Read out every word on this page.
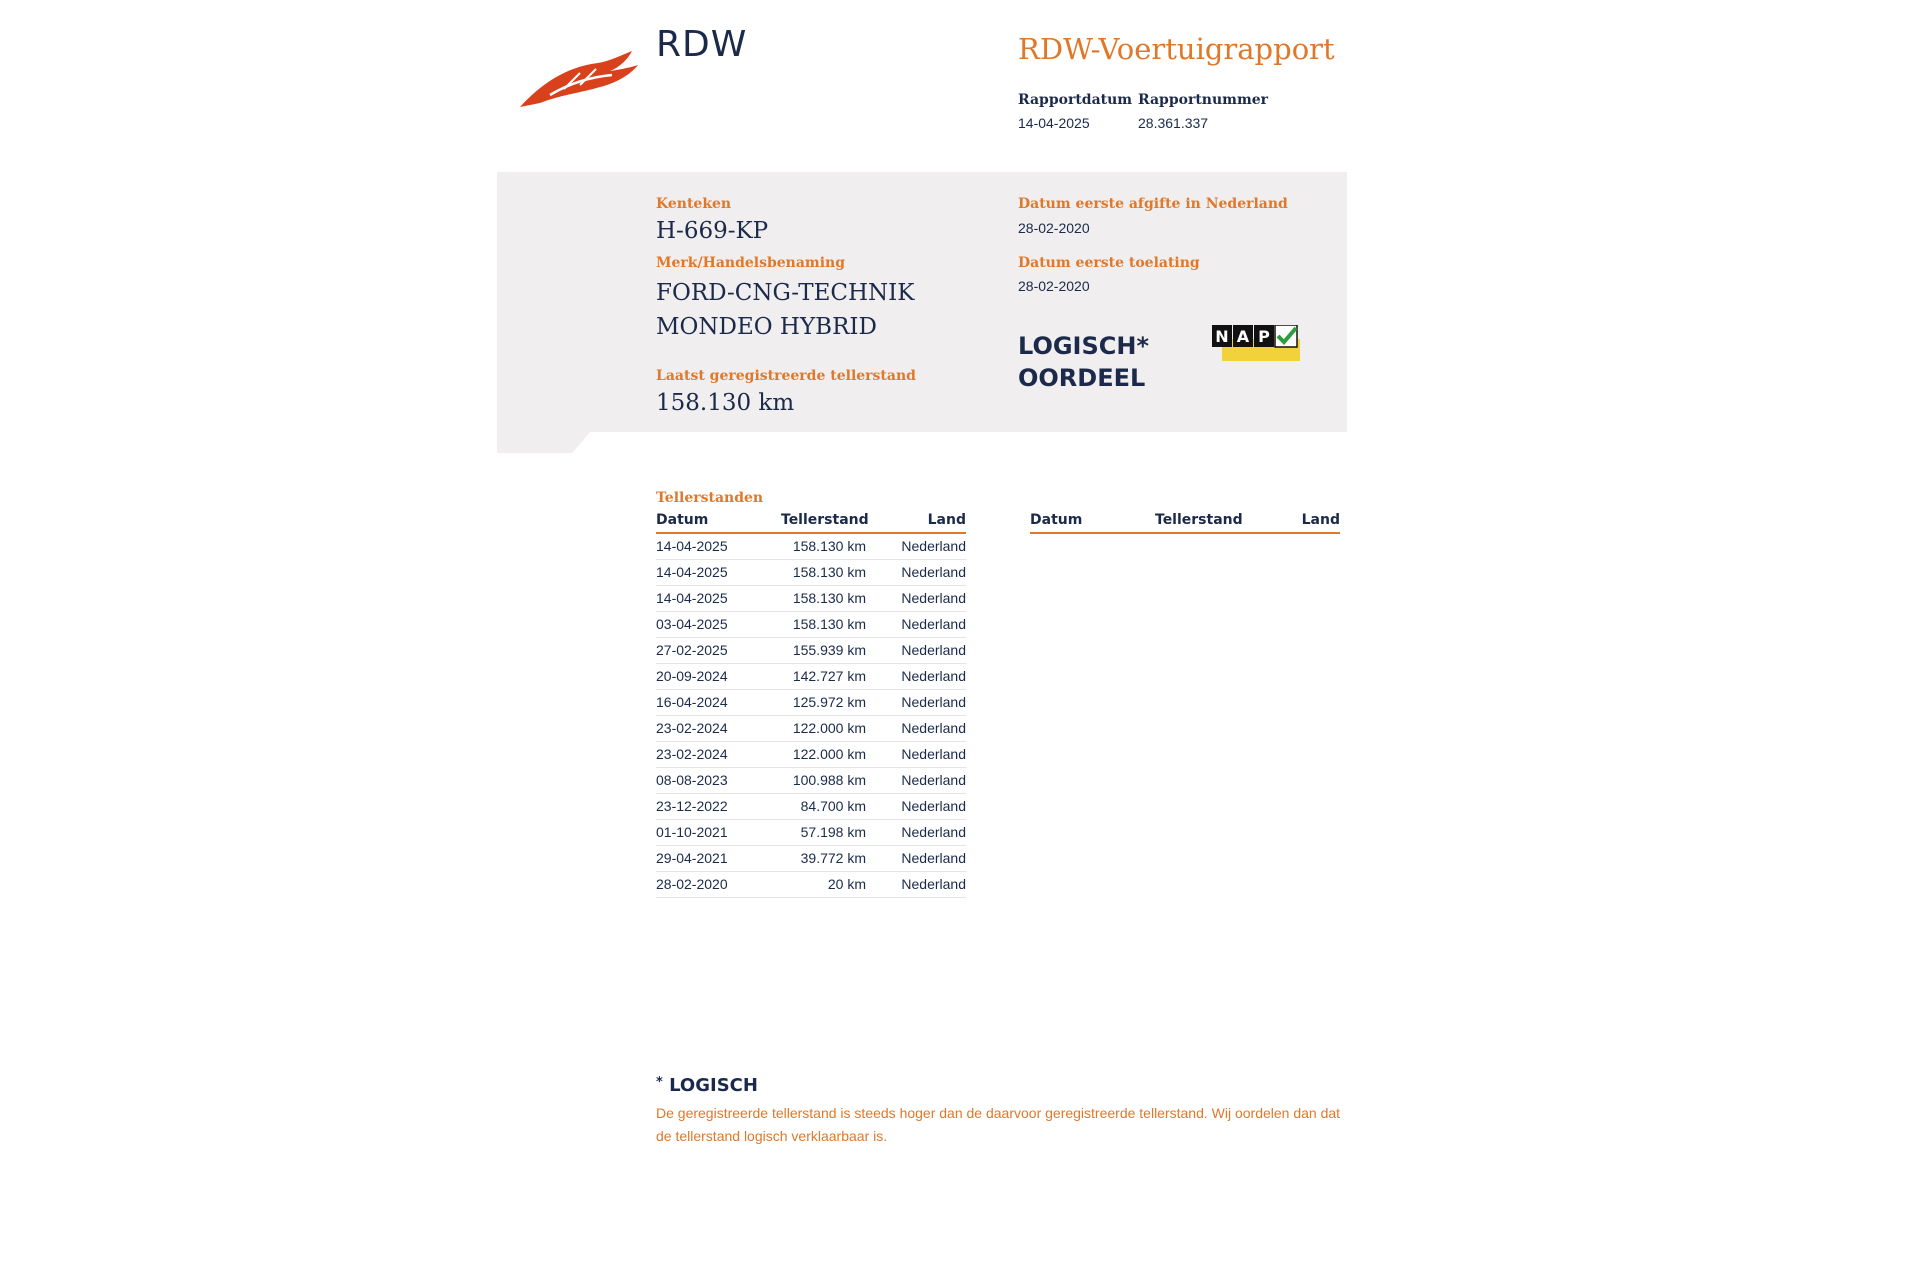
RDW	RDW-Voertuigrapport
Rapportdatum
14-04-2025
Rapportnummer
28.361.337
Kenteken
H-669-KP
Merk/Handelsbenaming
FORD-CNG-TECHNIK
MONDEO HYBRID
Laatst geregistreerde tellerstand
158.130 km
Datum eerste afgifte in Nederland
28-02-2020
Datum eerste toelating
28-02-2020
LOGISCH*
OORDEEL
N A P
Tellerstanden
Datum	Tellerstand	Land
14-04-2025	158.130 km	Nederland
14-04-2025	158.130 km	Nederland
14-04-2025	158.130 km	Nederland
03-04-2025	158.130 km	Nederland
27-02-2025	155.939 km	Nederland
20-09-2024	142.727 km	Nederland
16-04-2024	125.972 km	Nederland
23-02-2024	122.000 km	Nederland
23-02-2024	122.000 km	Nederland
08-08-2023	100.988 km	Nederland
23-12-2022	84.700 km	Nederland
01-10-2021	57.198 km	Nederland
29-04-2021	39.772 km	Nederland
28-02-2020	20 km	Nederland
Datum	Tellerstand	Land
* LOGISCH
De geregistreerde tellerstand is steeds hoger dan de daarvoor geregistreerde tellerstand. Wij oordelen dan dat de tellerstand logisch verklaarbaar is.
